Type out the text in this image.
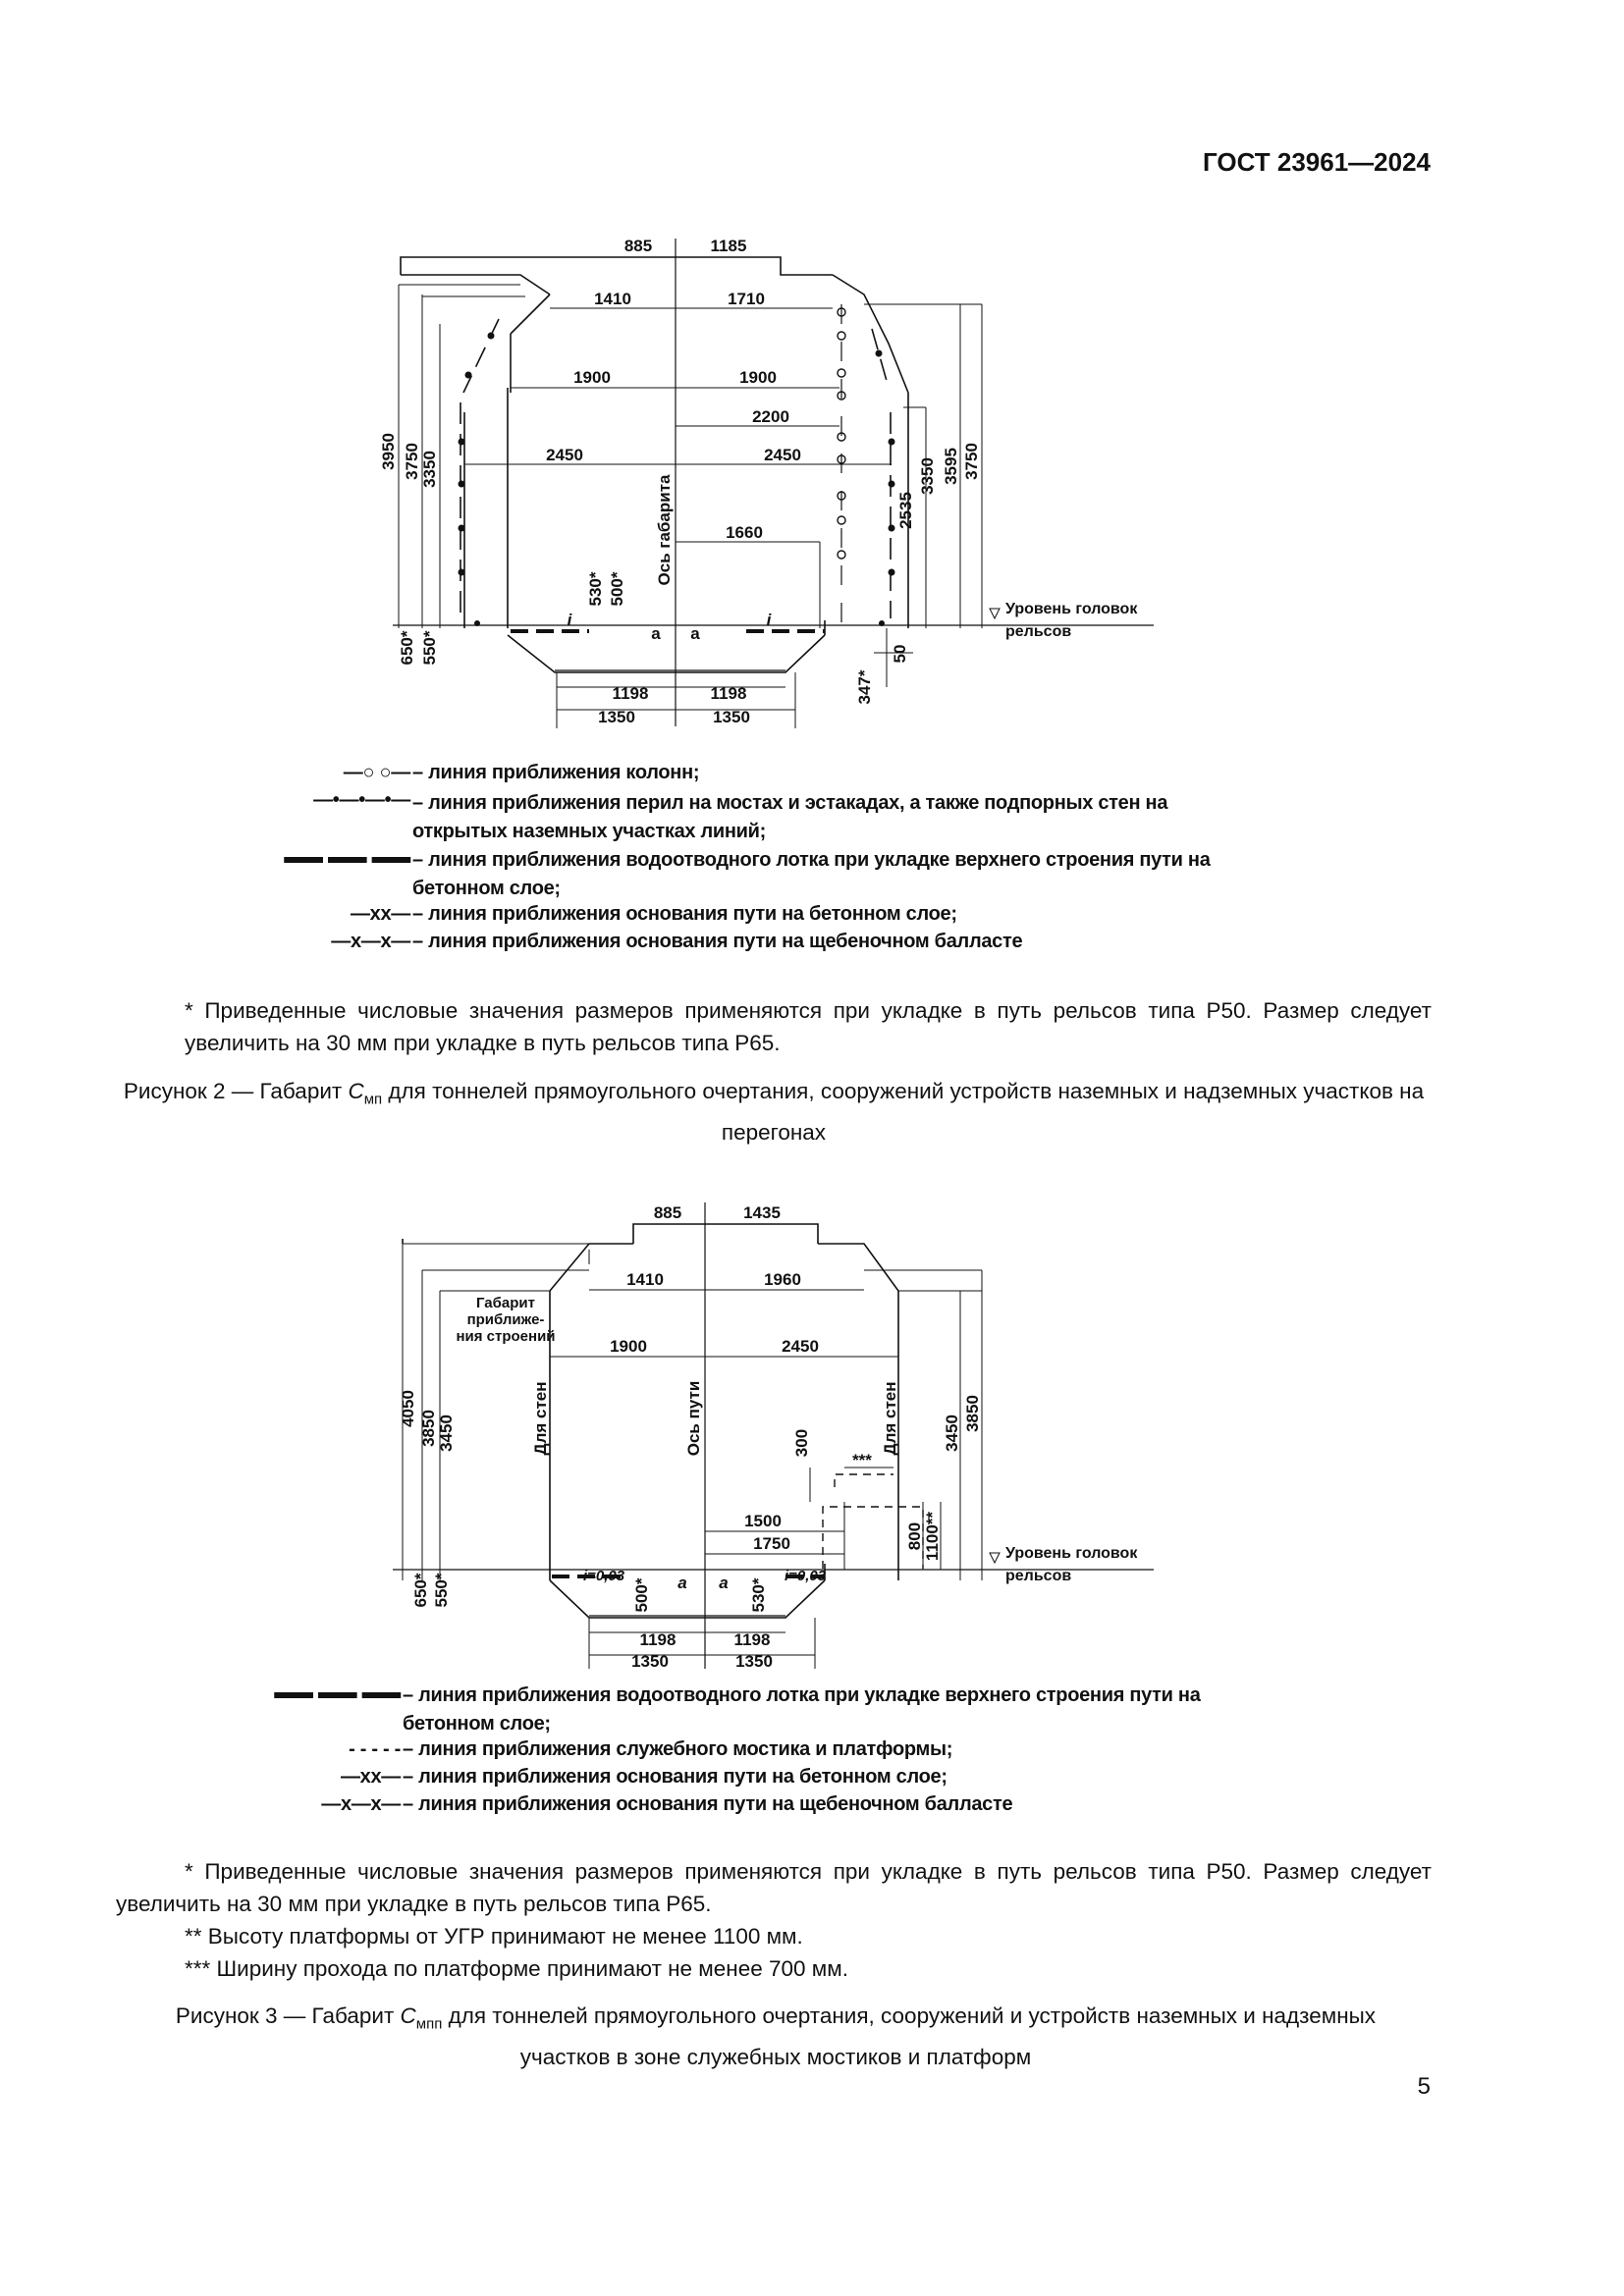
ГОСТ 23961—2024
885	1185
1410	1710
1900	1900
2200
2450	2450
1660
a a
i	i
1198	1198
1350	1350
3950 3750 3350	3350 3595 3750
2535
530* 500*
650* 550*
347*
50
Ось габарита
Уровень головок
рельсов
—○ ○— – линия приближения колонн;
—•—•—•— – линия приближения перил на мостах и эстакадах, а также подпорных стен на открытых наземных участках линий;
▬▬ ▬▬ ▬▬ – линия приближения водоотводного лотка при укладке верхнего строения пути на бетонном слое;
—xx— – линия приближения основания пути на бетонном слое;
—x—x— – линия приближения основания пути на щебеночном балласте
* Приведенные числовые значения размеров применяются при укладке в путь рельсов типа Р50. Размер следует увеличить на 30 мм при укладке в путь рельсов типа Р65.
Рисунок 2 — Габарит $С_{мп}$ для тоннелей прямоугольного очертания, сооружений устройств наземных и надземных участков на перегонах
885	1435
1410	1960
1900	2450
1500
1750
***
a a
1198	1198
1350	1350
i=0,03	i=0,03
Габарит
приближе-
ния строений
4050
3850 3450	3450
3850
300
800 1100**
650* 550*	500*	530*
Для стен	Для стен
Ось пути
Уровень головок
рельсов
▬▬ ▬▬ ▬▬ – линия приближения водоотводного лотка при укладке верхнего строения пути на бетонном слое;
- - - - - – линия приближения служебного мостика и платформы;
—xx— – линия приближения основания пути на бетонном слое;
—x—x— – линия приближения основания пути на щебеночном балласте
* Приведенные числовые значения размеров применяются при укладке в путь рельсов типа Р50. Размер следует увеличить на 30 мм при укладке в путь рельсов типа Р65.
** Высоту платформы от УГР принимают не менее 1100 мм.
*** Ширину прохода по платформе принимают не менее 700 мм.
Рисунок 3 — Габарит $С_{мпп}$ для тоннелей прямоугольного очертания, сооружений и устройств наземных и надземных участков в зоне служебных мостиков и платформ
5
